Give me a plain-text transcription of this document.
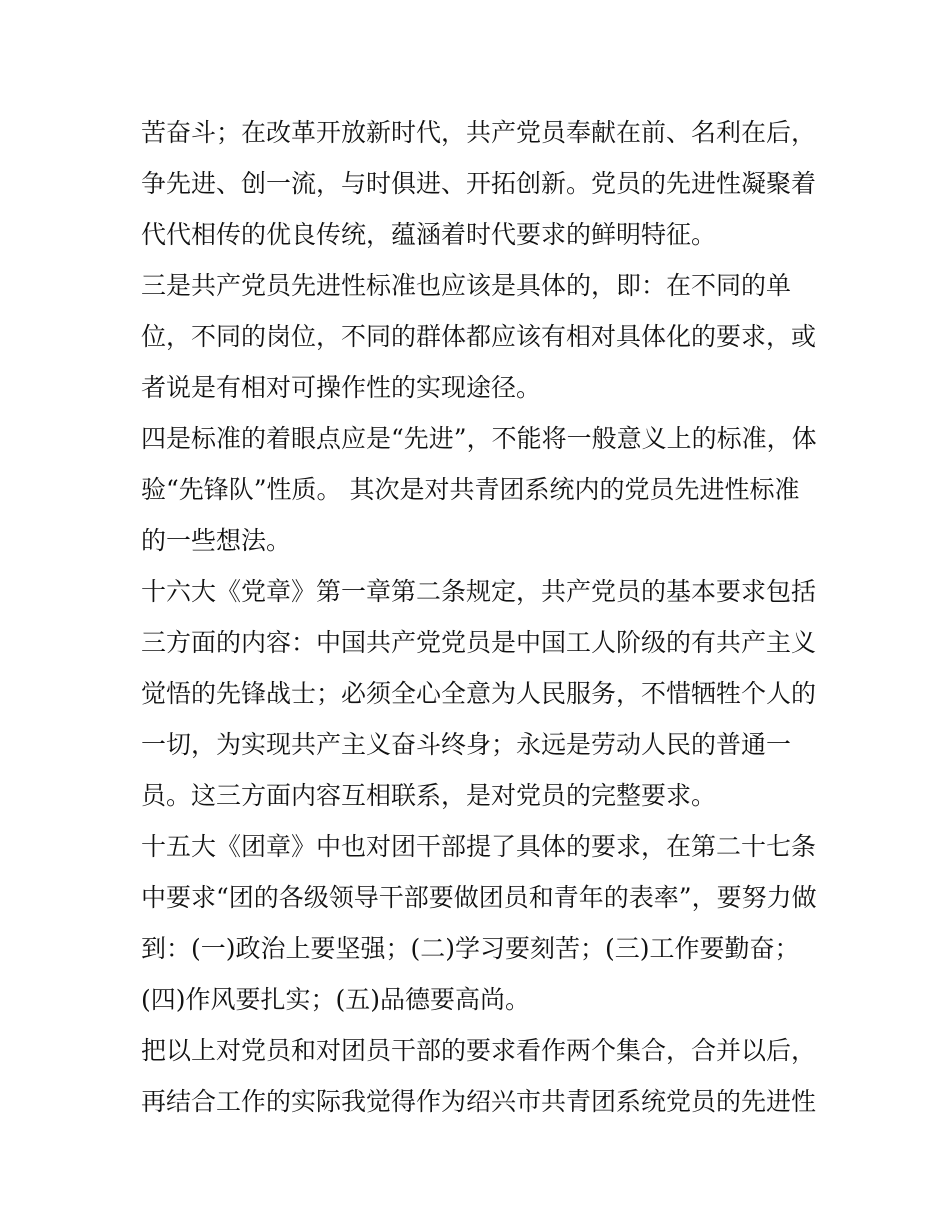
苦奋斗；在改革开放新时代，共产党员奉献在前、名利在后，
争先进、创一流，与时俱进、开拓创新。党员的先进性凝聚着
代代相传的优良传统，蕴涵着时代要求的鲜明特征。
三是共产党员先进性标准也应该是具体的，即：在不同的单
位，不同的岗位，不同的群体都应该有相对具体化的要求，或
者说是有相对可操作性的实现途径。
四是标准的着眼点应是“先进”，不能将一般意义上的标准，体
验“先锋队”性质。 其次是对共青团系统内的党员先进性标准
的一些想法。
十六大《党章》第一章第二条规定，共产党员的基本要求包括
三方面的内容：中国共产党党员是中国工人阶级的有共产主义
觉悟的先锋战士；必须全心全意为人民服务，不惜牺牲个人的
一切，为实现共产主义奋斗终身；永远是劳动人民的普通一
员。这三方面内容互相联系，是对党员的完整要求。
十五大《团章》中也对团干部提了具体的要求，在第二十七条
中要求“团的各级领导干部要做团员和青年的表率”，要努力做
到：(一)政治上要坚强；(二)学习要刻苦；(三)工作要勤奋；
(四)作风要扎实；(五)品德要高尚。
把以上对党员和对团员干部的要求看作两个集合，合并以后，
再结合工作的实际我觉得作为绍兴市共青团系统党员的先进性
